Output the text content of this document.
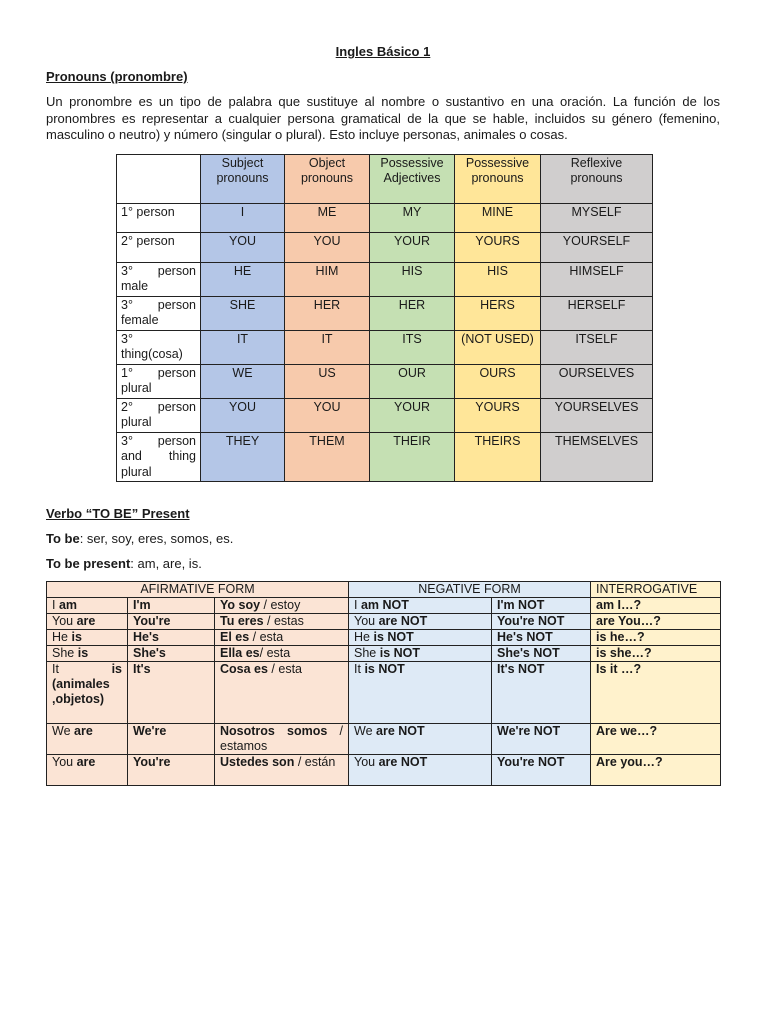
Ingles Básico 1
Pronouns (pronombre)

Un pronombre es un tipo de palabra que sustituye al nombre o sustantivo en una oración. La función de los pronombres es representar a cualquier persona gramatical de la que se hable, incluidos su género (femenino, masculino o neutro) y número (singular o plural). Esto incluye personas, animales o cosas.

	Subject pronouns	Object pronouns	Possessive Adjectives	Possessive pronouns	Reflexive pronouns
1° person	I	ME	MY	MINE	MYSELF
2° person	YOU	YOU	YOUR	YOURS	YOURSELF
3° person male	HE	HIM	HIS	HIS	HIMSELF
3° person female	SHE	HER	HER	HERS	HERSELF
3° thing(cosa)	IT	IT	ITS	(NOT USED)	ITSELF
1° person plural	WE	US	OUR	OURS	OURSELVES
2° person plural	YOU	YOU	YOUR	YOURS	YOURSELVES
3° person and thing plural	THEY	THEM	THEIR	THEIRS	THEMSELVES
Verbo “TO BE” Present
To be: ser, soy, eres, somos, es.
To be present: am, are, is.
AFIRMATIVE FORM			NEGATIVE FORM		INTERROGATIVE
I am	I'm	Yo soy / estoy	I am NOT	I'm NOT	am I…?
You are	You're	Tu eres / estas	You are NOT	You're NOT	are You…?
He is	He's	El es / esta	He is NOT	He's NOT	is he…?
She is	She's	Ella es/ esta	She is NOT	She's NOT	is she…?
It is (animales ,objetos)	It's	Cosa es / esta	It is NOT	It's NOT	Is it …?
We are	We're	Nosotros somos / estamos	We are NOT	We're NOT	Are we…?
You are	You're	Ustedes son / están	You are NOT	You're NOT	Are you…?
